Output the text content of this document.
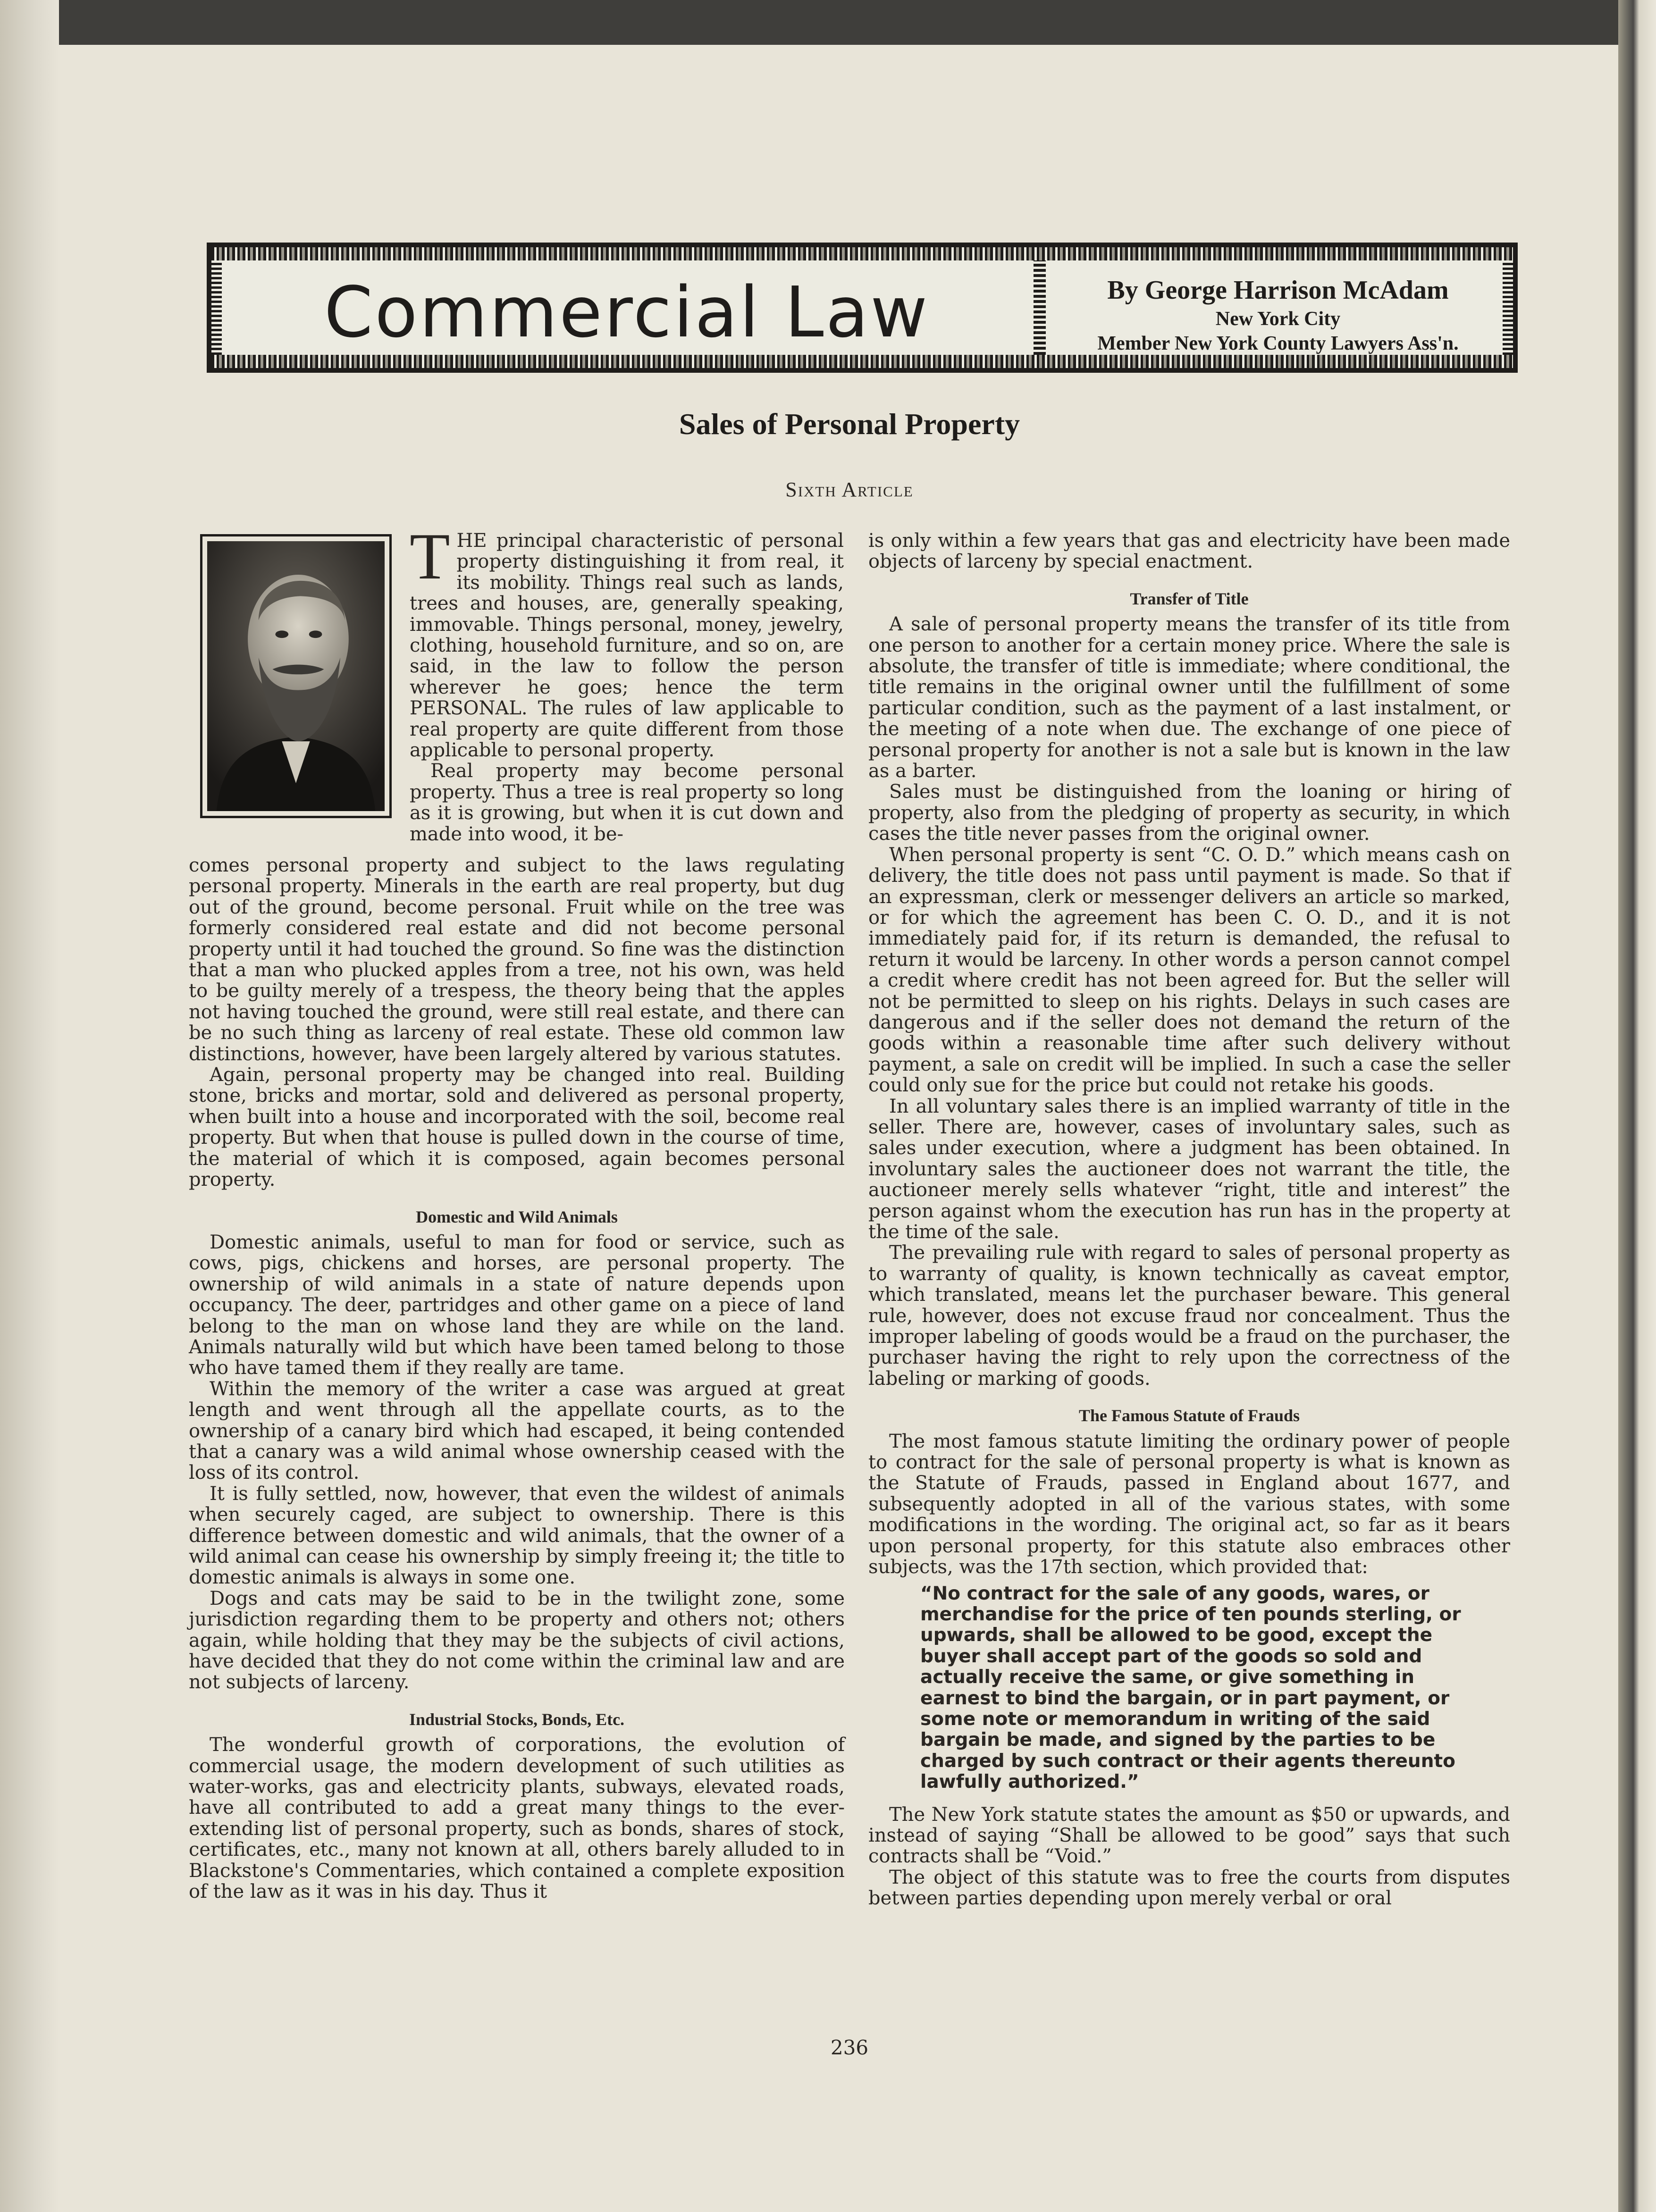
Commercial Law	By George Harrison McAdam
New York City
Member New York County Lawyers Ass'n.
Sales of Personal Property
Sixth Article

THE principal characteristic of personal property distinguishing it from real, it its mobility. Things real such as lands, trees and houses, are, generally speaking, immovable. Things personal, money, jewelry, clothing, household furniture, and so on, are said, in the law to follow the person wherever he goes; hence the term PERSONAL. The rules of law applicable to real property are quite different from those applicable to personal property.

Real property may become personal property. Thus a tree is real property so long as it is growing, but when it is cut down and made into wood, it be-

comes personal property and subject to the laws regulating personal property. Minerals in the earth are real property, but dug out of the ground, become personal. Fruit while on the tree was formerly considered real estate and did not become personal property until it had touched the ground. So fine was the distinction that a man who plucked apples from a tree, not his own, was held to be guilty merely of a trespess, the theory being that the apples not having touched the ground, were still real estate, and there can be no such thing as larceny of real estate. These old common law distinctions, however, have been largely altered by various statutes.

Again, personal property may be changed into real. Building stone, bricks and mortar, sold and delivered as personal property, when built into a house and incorporated with the soil, become real property. But when that house is pulled down in the course of time, the material of which it is composed, again becomes personal property.

Domestic and Wild Animals

Domestic animals, useful to man for food or service, such as cows, pigs, chickens and horses, are personal property. The ownership of wild animals in a state of nature depends upon occupancy. The deer, partridges and other game on a piece of land belong to the man on whose land they are while on the land. Animals naturally wild but which have been tamed belong to those who have tamed them if they really are tame.

Within the memory of the writer a case was argued at great length and went through all the appellate courts, as to the ownership of a canary bird which had escaped, it being contended that a canary was a wild animal whose ownership ceased with the loss of its control.

It is fully settled, now, however, that even the wildest of animals when securely caged, are subject to ownership. There is this difference between domestic and wild animals, that the owner of a wild animal can cease his ownership by simply freeing it; the title to domestic animals is always in some one.

Dogs and cats may be said to be in the twilight zone, some jurisdiction regarding them to be property and others not; others again, while holding that they may be the subjects of civil actions, have decided that they do not come within the criminal law and are not subjects of larceny.

Industrial Stocks, Bonds, Etc.

The wonderful growth of corporations, the evolution of commercial usage, the modern development of such utilities as water-works, gas and electricity plants, subways, elevated roads, have all contributed to add a great many things to the ever-extending list of personal property, such as bonds, shares of stock, certificates, etc., many not known at all, others barely alluded to in Blackstone's Commentaries, which contained a complete exposition of the law as it was in his day. Thus it

is only within a few years that gas and electricity have been made objects of larceny by special enactment.

Transfer of Title

A sale of personal property means the transfer of its title from one person to another for a certain money price. Where the sale is absolute, the transfer of title is immediate; where conditional, the title remains in the original owner until the fulfillment of some particular condition, such as the payment of a last instalment, or the meeting of a note when due. The exchange of one piece of personal property for another is not a sale but is known in the law as a barter.

Sales must be distinguished from the loaning or hiring of property, also from the pledging of property as security, in which cases the title never passes from the original owner.

When personal property is sent “C. O. D.” which means cash on delivery, the title does not pass until payment is made. So that if an expressman, clerk or messenger delivers an article so marked, or for which the agreement has been C. O. D., and it is not immediately paid for, if its return is demanded, the refusal to return it would be larceny. In other words a person cannot compel a credit where credit has not been agreed for. But the seller will not be permitted to sleep on his rights. Delays in such cases are dangerous and if the seller does not demand the return of the goods within a reasonable time after such delivery without payment, a sale on credit will be implied. In such a case the seller could only sue for the price but could not retake his goods.

In all voluntary sales there is an implied warranty of title in the seller. There are, however, cases of involuntary sales, such as sales under execution, where a judgment has been obtained. In involuntary sales the auctioneer does not warrant the title, the auctioneer merely sells whatever “right, title and interest” the person against whom the execution has run has in the property at the time of the sale.

The prevailing rule with regard to sales of personal property as to warranty of quality, is known technically as caveat emptor, which translated, means let the purchaser beware. This general rule, however, does not excuse fraud nor concealment. Thus the improper labeling of goods would be a fraud on the purchaser, the purchaser having the right to rely upon the correctness of the labeling or marking of goods.

The Famous Statute of Frauds

The most famous statute limiting the ordinary power of people to contract for the sale of personal property is what is known as the Statute of Frauds, passed in England about 1677, and subsequently adopted in all of the various states, with some modifications in the wording. The original act, so far as it bears upon personal property, for this statute also embraces other subjects, was the 17th section, which provided that:

“No contract for the sale of any goods, wares, or merchandise for the price of ten pounds sterling, or upwards, shall be allowed to be good, except the buyer shall accept part of the goods so sold and actually receive the same, or give something in earnest to bind the bargain, or in part payment, or some note or memorandum in writing of the said bargain be made, and signed by the parties to be charged by such contract or their agents thereunto lawfully authorized.”

The New York statute states the amount as $50 or upwards, and instead of saying “Shall be allowed to be good” says that such contracts shall be “Void.”

The object of this statute was to free the courts from disputes between parties depending upon merely verbal or oral

236
